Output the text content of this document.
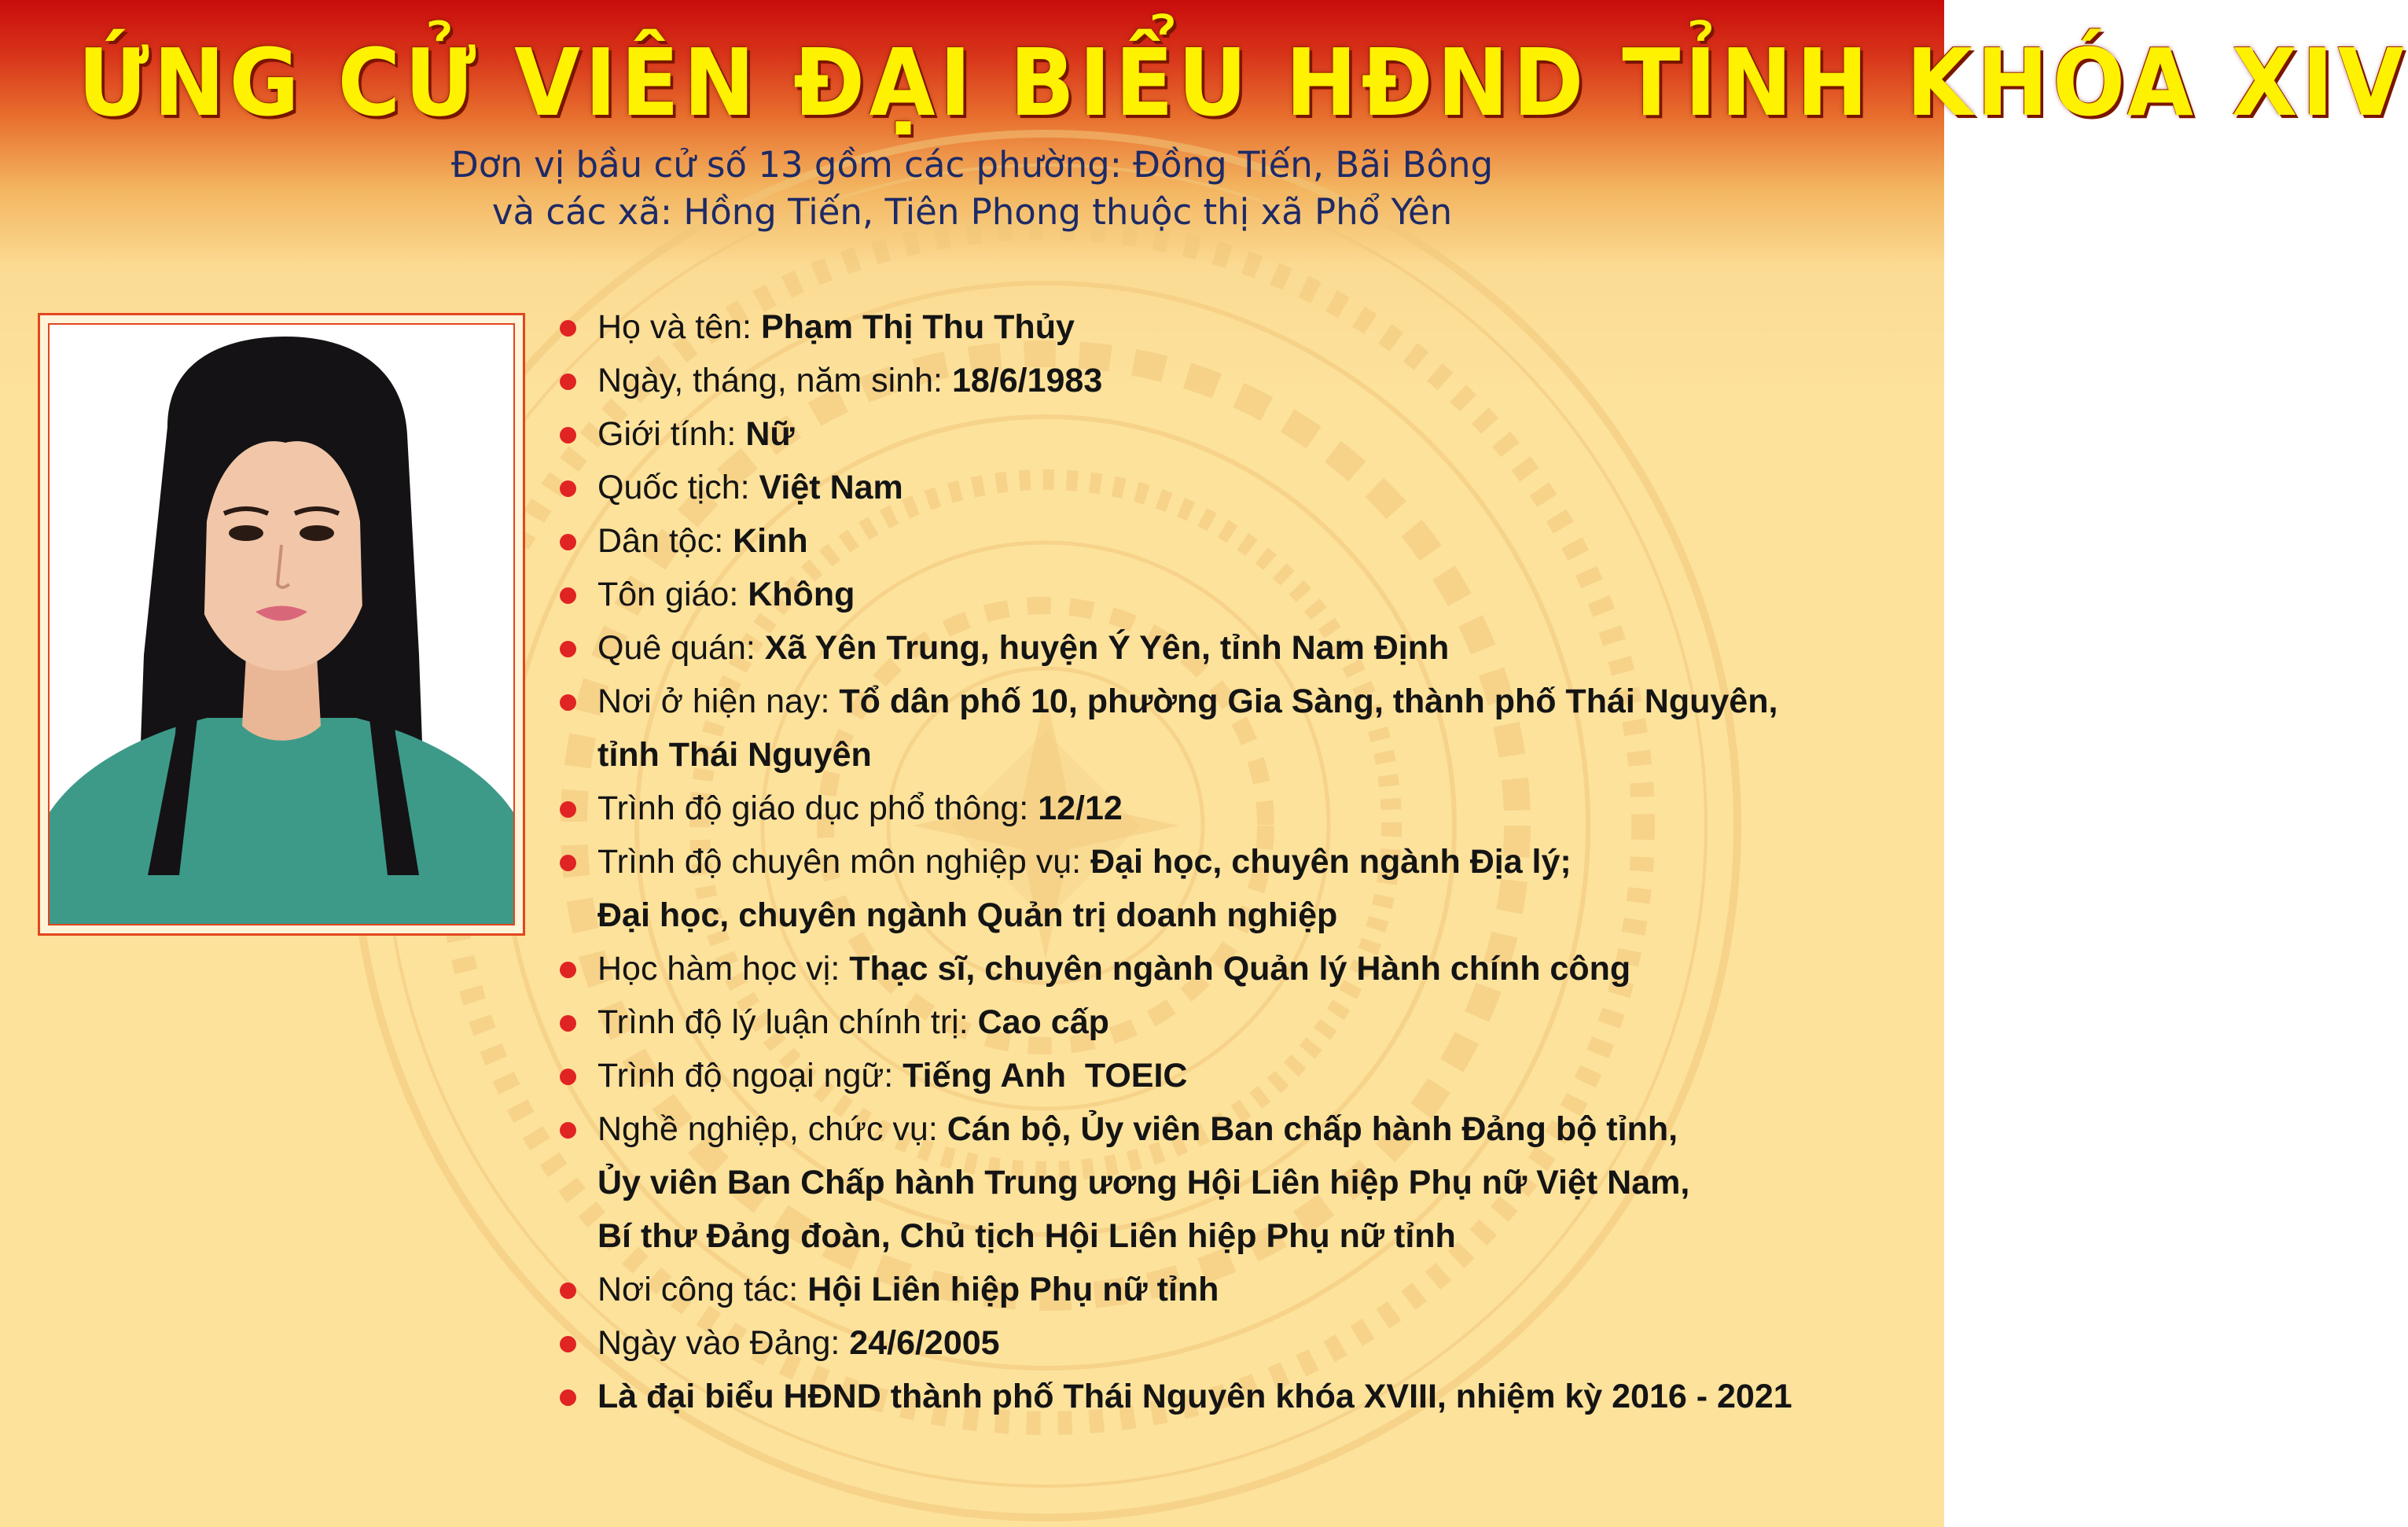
ỨNG CỬ VIÊN ĐẠI BIỂU HĐND TỈNH KHÓA XIV
Đơn vị bầu cử số 13 gồm các phường: Đồng Tiến, Bãi Bông
và các xã: Hồng Tiến, Tiên Phong thuộc thị xã Phổ Yên
Họ và tên: Phạm Thị Thu Thủy
Ngày, tháng, năm sinh: 18/6/1983
Giới tính: Nữ
Quốc tịch: Việt Nam
Dân tộc: Kinh
Tôn giáo: Không
Quê quán: Xã Yên Trung, huyện Ý Yên, tỉnh Nam Định
Nơi ở hiện nay: Tổ dân phố 10, phường Gia Sàng, thành phố Thái Nguyên,
tỉnh Thái Nguyên
Trình độ giáo dục phổ thông: 12/12
Trình độ chuyên môn nghiệp vụ: Đại học, chuyên ngành Địa lý;
Đại học, chuyên ngành Quản trị doanh nghiệp
Học hàm học vị: Thạc sĩ, chuyên ngành Quản lý Hành chính công
Trình độ lý luận chính trị: Cao cấp
Trình độ ngoại ngữ: Tiếng Anh  TOEIC
Nghề nghiệp, chức vụ: Cán bộ, Ủy viên Ban chấp hành Đảng bộ tỉnh,
Ủy viên Ban Chấp hành Trung ương Hội Liên hiệp Phụ nữ Việt Nam,
Bí thư Đảng đoàn, Chủ tịch Hội Liên hiệp Phụ nữ tỉnh
Nơi công tác: Hội Liên hiệp Phụ nữ tỉnh
Ngày vào Đảng: 24/6/2005
Là đại biểu HĐND thành phố Thái Nguyên khóa XVIII, nhiệm kỳ 2016 - 2021
